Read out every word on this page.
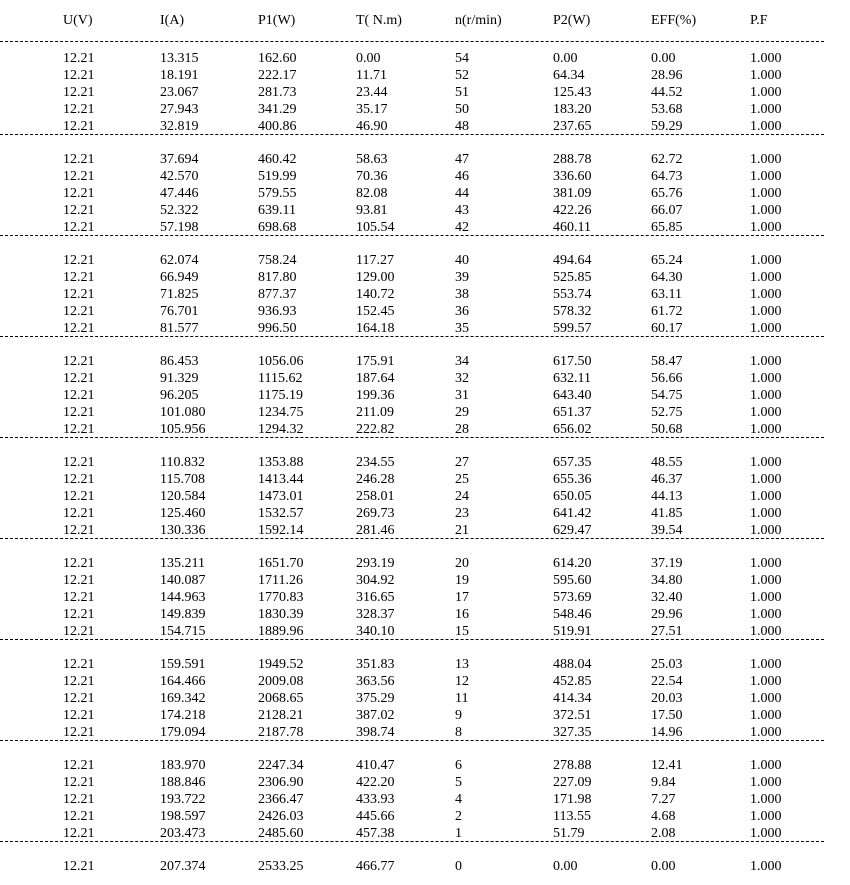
U(V)	I(A)	P1(W)	T( N.m)	n(r/min)	P2(W)	EFF(%)	P.F
12.21	13.315	162.60	0.00	54	0.00	0.00	1.000
12.21	18.191	222.17	11.71	52	64.34	28.96	1.000
12.21	23.067	281.73	23.44	51	125.43	44.52	1.000
12.21	27.943	341.29	35.17	50	183.20	53.68	1.000
12.21	32.819	400.86	46.90	48	237.65	59.29	1.000
12.21	37.694	460.42	58.63	47	288.78	62.72	1.000
12.21	42.570	519.99	70.36	46	336.60	64.73	1.000
12.21	47.446	579.55	82.08	44	381.09	65.76	1.000
12.21	52.322	639.11	93.81	43	422.26	66.07	1.000
12.21	57.198	698.68	105.54	42	460.11	65.85	1.000
12.21	62.074	758.24	117.27	40	494.64	65.24	1.000
12.21	66.949	817.80	129.00	39	525.85	64.30	1.000
12.21	71.825	877.37	140.72	38	553.74	63.11	1.000
12.21	76.701	936.93	152.45	36	578.32	61.72	1.000
12.21	81.577	996.50	164.18	35	599.57	60.17	1.000
12.21	86.453	1056.06	175.91	34	617.50	58.47	1.000
12.21	91.329	1115.62	187.64	32	632.11	56.66	1.000
12.21	96.205	1175.19	199.36	31	643.40	54.75	1.000
12.21	101.080	1234.75	211.09	29	651.37	52.75	1.000
12.21	105.956	1294.32	222.82	28	656.02	50.68	1.000
12.21	110.832	1353.88	234.55	27	657.35	48.55	1.000
12.21	115.708	1413.44	246.28	25	655.36	46.37	1.000
12.21	120.584	1473.01	258.01	24	650.05	44.13	1.000
12.21	125.460	1532.57	269.73	23	641.42	41.85	1.000
12.21	130.336	1592.14	281.46	21	629.47	39.54	1.000
12.21	135.211	1651.70	293.19	20	614.20	37.19	1.000
12.21	140.087	1711.26	304.92	19	595.60	34.80	1.000
12.21	144.963	1770.83	316.65	17	573.69	32.40	1.000
12.21	149.839	1830.39	328.37	16	548.46	29.96	1.000
12.21	154.715	1889.96	340.10	15	519.91	27.51	1.000
12.21	159.591	1949.52	351.83	13	488.04	25.03	1.000
12.21	164.466	2009.08	363.56	12	452.85	22.54	1.000
12.21	169.342	2068.65	375.29	11	414.34	20.03	1.000
12.21	174.218	2128.21	387.02	9	372.51	17.50	1.000
12.21	179.094	2187.78	398.74	8	327.35	14.96	1.000
12.21	183.970	2247.34	410.47	6	278.88	12.41	1.000
12.21	188.846	2306.90	422.20	5	227.09	9.84	1.000
12.21	193.722	2366.47	433.93	4	171.98	7.27	1.000
12.21	198.597	2426.03	445.66	2	113.55	4.68	1.000
12.21	203.473	2485.60	457.38	1	51.79	2.08	1.000
12.21	207.374	2533.25	466.77	0	0.00	0.00	1.000
